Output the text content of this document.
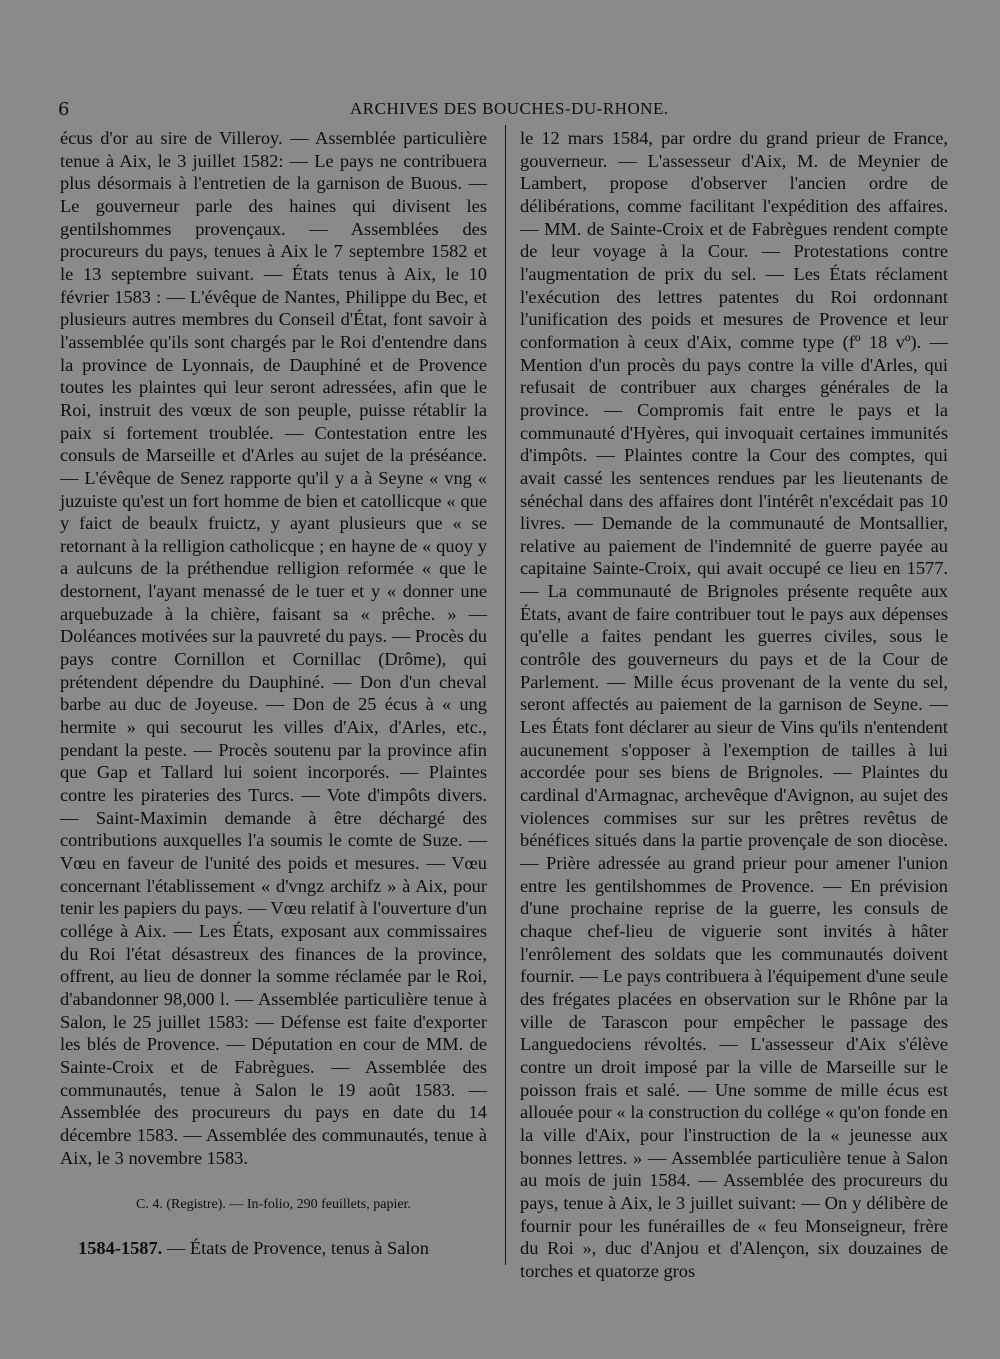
6	ARCHIVES DES BOUCHES-DU-RHONE.

écus d'or au sire de Villeroy. — Assemblée particulière tenue à Aix, le 3 juillet 1582: — Le pays ne contribuera plus désormais à l'entretien de la garnison de Buous. — Le gouverneur parle des haines qui divisent les gentilshommes provençaux. — Assemblées des procureurs du pays, tenues à Aix le 7 septembre 1582 et le 13 septembre suivant. — États tenus à Aix, le 10 février 1583 : — L'évêque de Nantes, Philippe du Bec, et plusieurs autres membres du Conseil d'État, font savoir à l'assemblée qu'ils sont chargés par le Roi d'entendre dans la province de Lyonnais, de Dauphiné et de Provence toutes les plaintes qui leur seront adressées, afin que le Roi, instruit des vœux de son peuple, puisse rétablir la paix si fortement troublée. — Contestation entre les consuls de Marseille et d'Arles au sujet de la préséance. — L'évêque de Senez rapporte qu'il y a à Seyne « vng « juzuiste qu'est un fort homme de bien et catollicque « que y faict de beaulx fruictz, y ayant plusieurs que « se retornant à la relligion catholicque ; en hayne de « quoy y a aulcuns de la préthendue relligion reformée « que le destornent, l'ayant menassé de le tuer et y « donner une arquebuzade à la chière, faisant sa « prêche. » — Doléances motivées sur la pauvreté du pays. — Procès du pays contre Cornillon et Cornillac (Drôme), qui prétendent dépendre du Dauphiné. — Don d'un cheval barbe au duc de Joyeuse. — Don de 25 écus à « ung hermite » qui secourut les villes d'Aix, d'Arles, etc., pendant la peste. — Procès soutenu par la province afin que Gap et Tallard lui soient incorporés. — Plaintes contre les pirateries des Turcs. — Vote d'impôts divers. — Saint-Maximin demande à être déchargé des contributions auxquelles l'a soumis le comte de Suze. — Vœu en faveur de l'unité des poids et mesures. — Vœu concernant l'établissement « d'vngz archifz » à Aix, pour tenir les papiers du pays. — Vœu relatif à l'ouverture d'un collége à Aix. — Les États, exposant aux commissaires du Roi l'état désastreux des finances de la province, offrent, au lieu de donner la somme réclamée par le Roi, d'abandonner 98,000 l. — Assemblée particulière tenue à Salon, le 25 juillet 1583: — Défense est faite d'exporter les blés de Provence. — Députation en cour de MM. de Sainte-Croix et de Fabrègues. — Assemblée des communautés, tenue à Salon le 19 août 1583. — Assemblée des procureurs du pays en date du 14 décembre 1583. — Assemblée des communautés, tenue à Aix, le 3 novembre 1583.

C. 4. (Registre). — In-folio, 290 feuillets, papier.
1584-1587. — États de Provence, tenus à Salon

le 12 mars 1584, par ordre du grand prieur de France, gouverneur. — L'assesseur d'Aix, M. de Meynier de Lambert, propose d'observer l'ancien ordre de délibérations, comme facilitant l'expédition des affaires. — MM. de Sainte-Croix et de Fabrègues rendent compte de leur voyage à la Cour. — Protestations contre l'augmentation de prix du sel. — Les États réclament l'exécution des lettres patentes du Roi ordonnant l'unification des poids et mesures de Provence et leur conformation à ceux d'Aix, comme type (fº 18 vº). — Mention d'un procès du pays contre la ville d'Arles, qui refusait de contribuer aux charges générales de la province. — Compromis fait entre le pays et la communauté d'Hyères, qui invoquait certaines immunités d'impôts. — Plaintes contre la Cour des comptes, qui avait cassé les sentences rendues par les lieutenants de sénéchal dans des affaires dont l'intérêt n'excédait pas 10 livres. — Demande de la communauté de Montsallier, relative au paiement de l'indemnité de guerre payée au capitaine Sainte-Croix, qui avait occupé ce lieu en 1577. — La communauté de Brignoles présente requête aux États, avant de faire contribuer tout le pays aux dépenses qu'elle a faites pendant les guerres civiles, sous le contrôle des gouverneurs du pays et de la Cour de Parlement. — Mille écus provenant de la vente du sel, seront affectés au paiement de la garnison de Seyne. — Les États font déclarer au sieur de Vins qu'ils n'entendent aucunement s'opposer à l'exemption de tailles à lui accordée pour ses biens de Brignoles. — Plaintes du cardinal d'Armagnac, archevêque d'Avignon, au sujet des violences commises sur sur les prêtres revêtus de bénéfices situés dans la partie provençale de son diocèse. — Prière adressée au grand prieur pour amener l'union entre les gentilshommes de Provence. — En prévision d'une prochaine reprise de la guerre, les consuls de chaque chef-lieu de viguerie sont invités à hâter l'enrôlement des soldats que les communautés doivent fournir. — Le pays contribuera à l'équipement d'une seule des frégates placées en observation sur le Rhône par la ville de Tarascon pour empêcher le passage des Languedociens révoltés. — L'assesseur d'Aix s'élève contre un droit imposé par la ville de Marseille sur le poisson frais et salé. — Une somme de mille écus est allouée pour « la construction du collége « qu'on fonde en la ville d'Aix, pour l'instruction de la « jeunesse aux bonnes lettres. » — Assemblée particulière tenue à Salon au mois de juin 1584. — Assemblée des procureurs du pays, tenue à Aix, le 3 juillet suivant: — On y délibère de fournir pour les funérailles de « feu Monseigneur, frère du Roi », duc d'Anjou et d'Alençon, six douzaines de torches et quatorze gros
